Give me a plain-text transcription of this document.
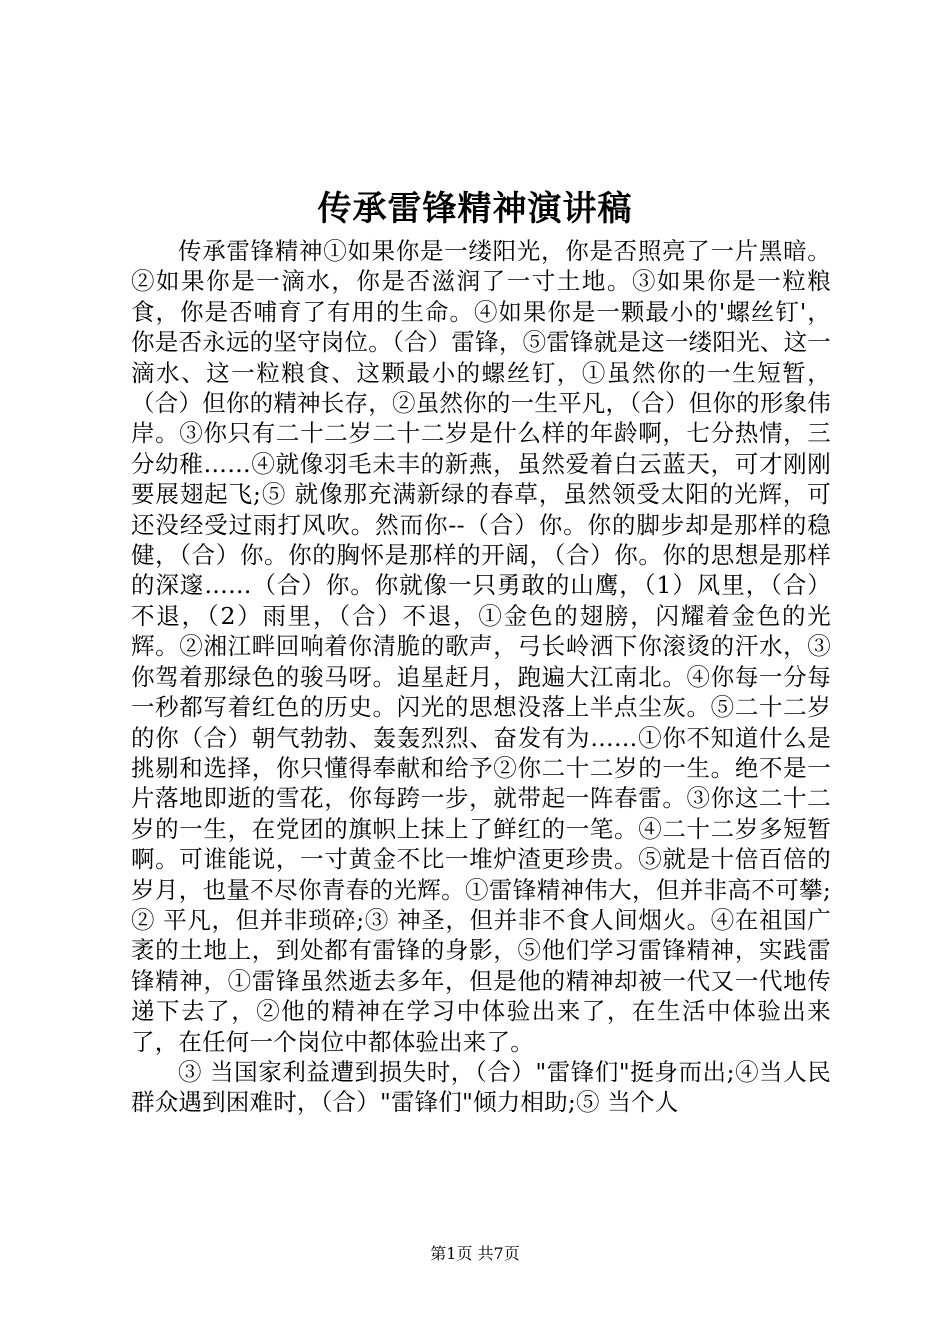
传承雷锋精神演讲稿

传承雷锋精神①如果你是一缕阳光，你是否照亮了一片黑暗。②如果你是一滴水，你是否滋润了一寸土地。③如果你是一粒粮食，你是否哺育了有用的生命。④如果你是一颗最小的'螺丝钉'，你是否永远的坚守岗位。（合）雷锋，⑤雷锋就是这一缕阳光、这一滴水、这一粒粮食、这颗最小的螺丝钉，①虽然你的一生短暂，（合）但你的精神长存，②虽然你的一生平凡，（合）但你的形象伟岸。③你只有二十二岁二十二岁是什么样的年龄啊，七分热情，三分幼稚……④就像羽毛未丰的新燕，虽然爱着白云蓝天，可才刚刚要展翅起飞;⑤ 就像那充满新绿的春草，虽然领受太阳的光辉，可还没经受过雨打风吹。然而你--（合）你。你的脚步却是那样的稳健，（合）你。你的胸怀是那样的开阔，（合）你。你的思想是那样的深邃……（合）你。你就像一只勇敢的山鹰，（1）风里，（合）不退，（2）雨里，（合）不退，①金色的翅膀，闪耀着金色的光辉。②湘江畔回响着你清脆的歌声，弓长岭洒下你滚烫的汗水，③你驾着那绿色的骏马呀。追星赶月，跑遍大江南北。④你每一分每一秒都写着红色的历史。闪光的思想没落上半点尘灰。⑤二十二岁的你（合）朝气勃勃、轰轰烈烈、奋发有为……①你不知道什么是挑剔和选择，你只懂得奉献和给予②你二十二岁的一生。绝不是一片落地即逝的雪花，你每跨一步，就带起一阵春雷。③你这二十二岁的一生，在党团的旗帜上抹上了鲜红的一笔。④二十二岁多短暂啊。可谁能说，一寸黄金不比一堆炉渣更珍贵。⑤就是十倍百倍的岁月，也量不尽你青春的光辉。①雷锋精神伟大，但并非高不可攀;② 平凡，但并非琐碎;③ 神圣，但并非不食人间烟火。④在祖国广袤的土地上，到处都有雷锋的身影，⑤他们学习雷锋精神，实践雷锋精神，①雷锋虽然逝去多年，但是他的精神却被一代又一代地传递下去了，②他的精神在学习中体验出来了，在生活中体验出来了，在任何一个岗位中都体验出来了。

③ 当国家利益遭到损失时，（合）"雷锋们"挺身而出;④当人民群众遇到困难时，（合）"雷锋们"倾力相助;⑤ 当个人

第1页 共7页
